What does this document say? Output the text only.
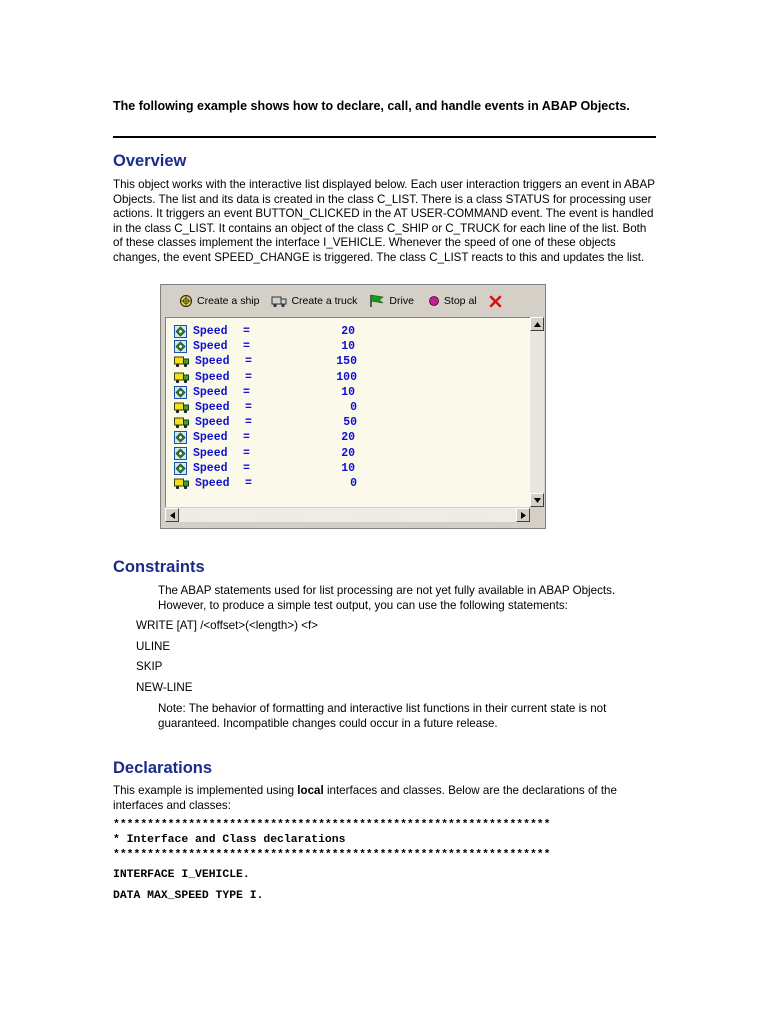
The following example shows how to declare, call, and handle events in ABAP Objects.
Overview

This object works with the interactive list displayed below. Each user interaction triggers an event in ABAP Objects. The list and its data is created in the class C_LIST. There is a class STATUS for processing user actions. It triggers an event BUTTON_CLICKED in the AT USER-COMMAND event. The event is handled in the class C_LIST. It contains an object of the class C_SHIP or C_TRUCK for each line of the list. Both of these classes implement the interface I_VEHICLE. Whenever the speed of one of these objects changes, the event SPEED_CHANGE is triggered. The class C_LIST reacts to this and updates the list.

Create a ship	Create a truck	Drive	Stop al
Speed	=	20
Speed	=	10
Speed	=	150
Speed	=	100
Speed	=	10
Speed	=	0
Speed	=	50
Speed	=	20
Speed	=	20
Speed	=	10
Speed	=	0
Constraints

The ABAP statements used for list processing are not yet fully available in ABAP Objects. However, to produce a simple test output, you can use the following statements:

WRITE [AT] /<offset>(<length>) <f>

ULINE

SKIP

NEW-LINE

Note: The behavior of formatting and interactive list functions in their current state is not guaranteed. Incompatible changes could occur in a future release.

Declarations

This example is implemented using local interfaces and classes. Below are the declarations of the interfaces and classes:

****************************************************************
* Interface and Class declarations
****************************************************************
INTERFACE I_VEHICLE.
DATA MAX_SPEED TYPE I.
